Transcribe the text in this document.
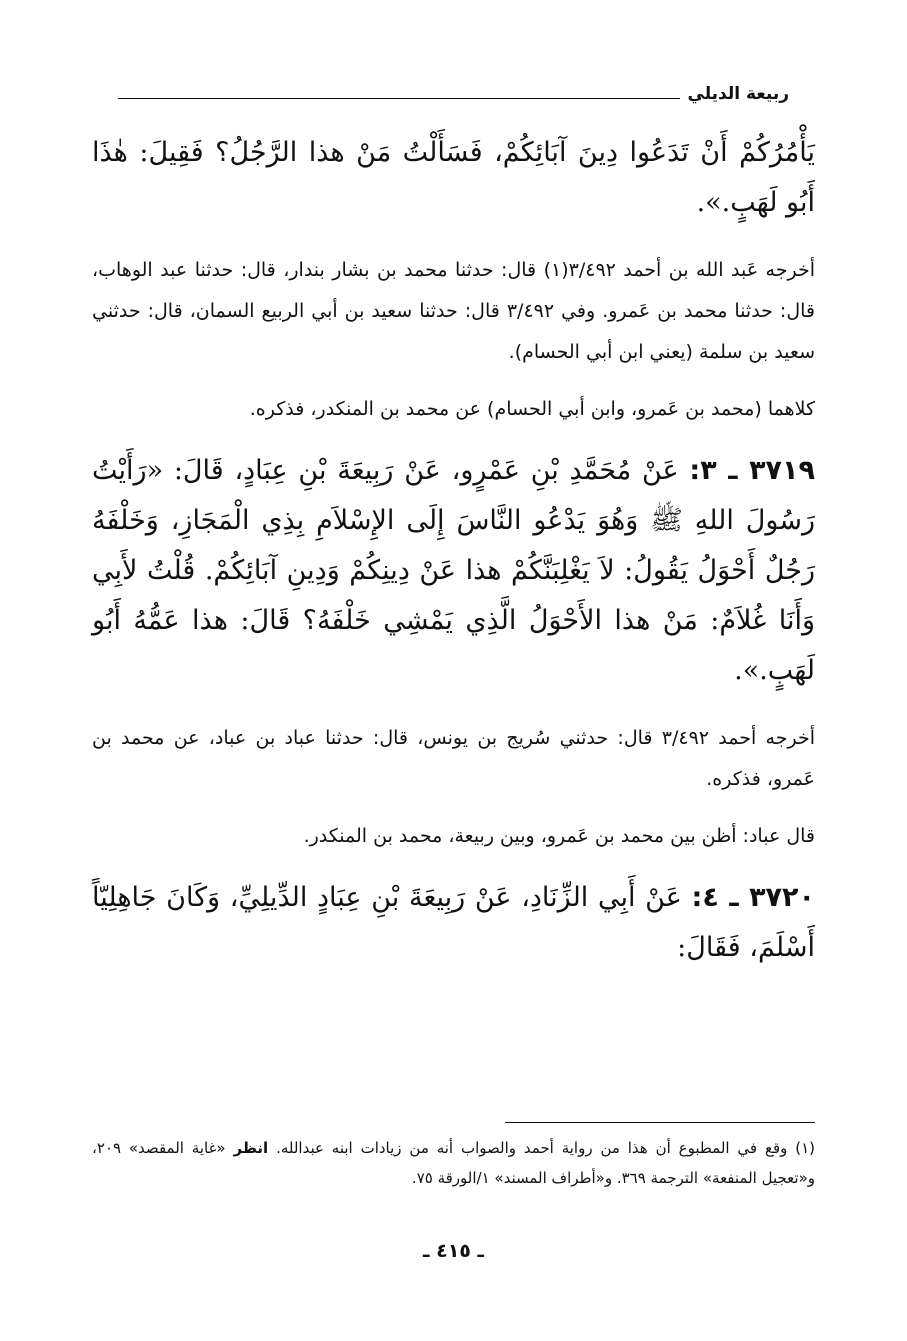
ربيعة الديلي

يَأْمُرُكُمْ أَنْ تَدَعُوا دِينَ آبَائِكُمْ، فَسَأَلْتُ مَنْ هذا الرَّجُلُ؟ فَقِيلَ: هٰذَا أَبُو لَهَبٍ.».

أخرجه عَبد الله بن أحمد ٣/٤٩٢(١) قال: حدثنا محمد بن بشار بندار، قال: حدثنا عبد الوهاب، قال: حدثنا محمد بن عَمرو. وفي ٣/٤٩٢ قال: حدثنا سعيد بن أبي الربيع السمان، قال: حدثني سعيد بن سلمة (يعني ابن أبي الحسام).

كلاهما (محمد بن عَمرو، وابن أبي الحسام) عن محمد بن المنكدر، فذكره.

٣٧١٩ ـ ٣: عَنْ مُحَمَّدِ بْنِ عَمْرٍو، عَنْ رَبِيعَةَ بْنِ عِبَادٍ، قَالَ: «رَأَيْتُ رَسُولَ اللهِ ﷺ وَهُوَ يَدْعُو النَّاسَ إِلَى الإِسْلاَمِ بِذِي الْمَجَازِ، وَخَلْفَهُ رَجُلٌ أَحْوَلُ يَقُولُ: لاَ يَغْلِبَنَّكُمْ هذا عَنْ دِينِكُمْ وَدِينِ آبَائِكُمْ. قُلْتُ لأَبِي وَأَنَا غُلاَمٌ: مَنْ هذا الأَحْوَلُ الَّذِي يَمْشِي خَلْفَهُ؟ قَالَ: هذا عَمُّهُ أَبُو لَهَبٍ.».

أخرجه أحمد ٣/٤٩٢ قال: حدثني سُريج بن يونس، قال: حدثنا عباد بن عباد، عن محمد بن عَمرو، فذكره.

قال عباد: أظن بين محمد بن عَمرو، وبين ربيعة، محمد بن المنكدر.

٣٧٢٠ ـ ٤: عَنْ أَبِي الزِّنَادِ، عَنْ رَبِيعَةَ بْنِ عِبَادٍ الدِّيلِيِّ، وَكَانَ جَاهِلِيّاً أَسْلَمَ، فَقَالَ:

(١) وقع في المطبوع أن هذا من رواية أحمد والصواب أنه من زيادات ابنه عبدالله. انظر «غاية المقصد» ٢٠٩، و«تعجيل المنفعة» الترجمة ٣٦٩. و«أطراف المسند» ١/الورقة ٧٥.

ـ ٤١٥ ـ
